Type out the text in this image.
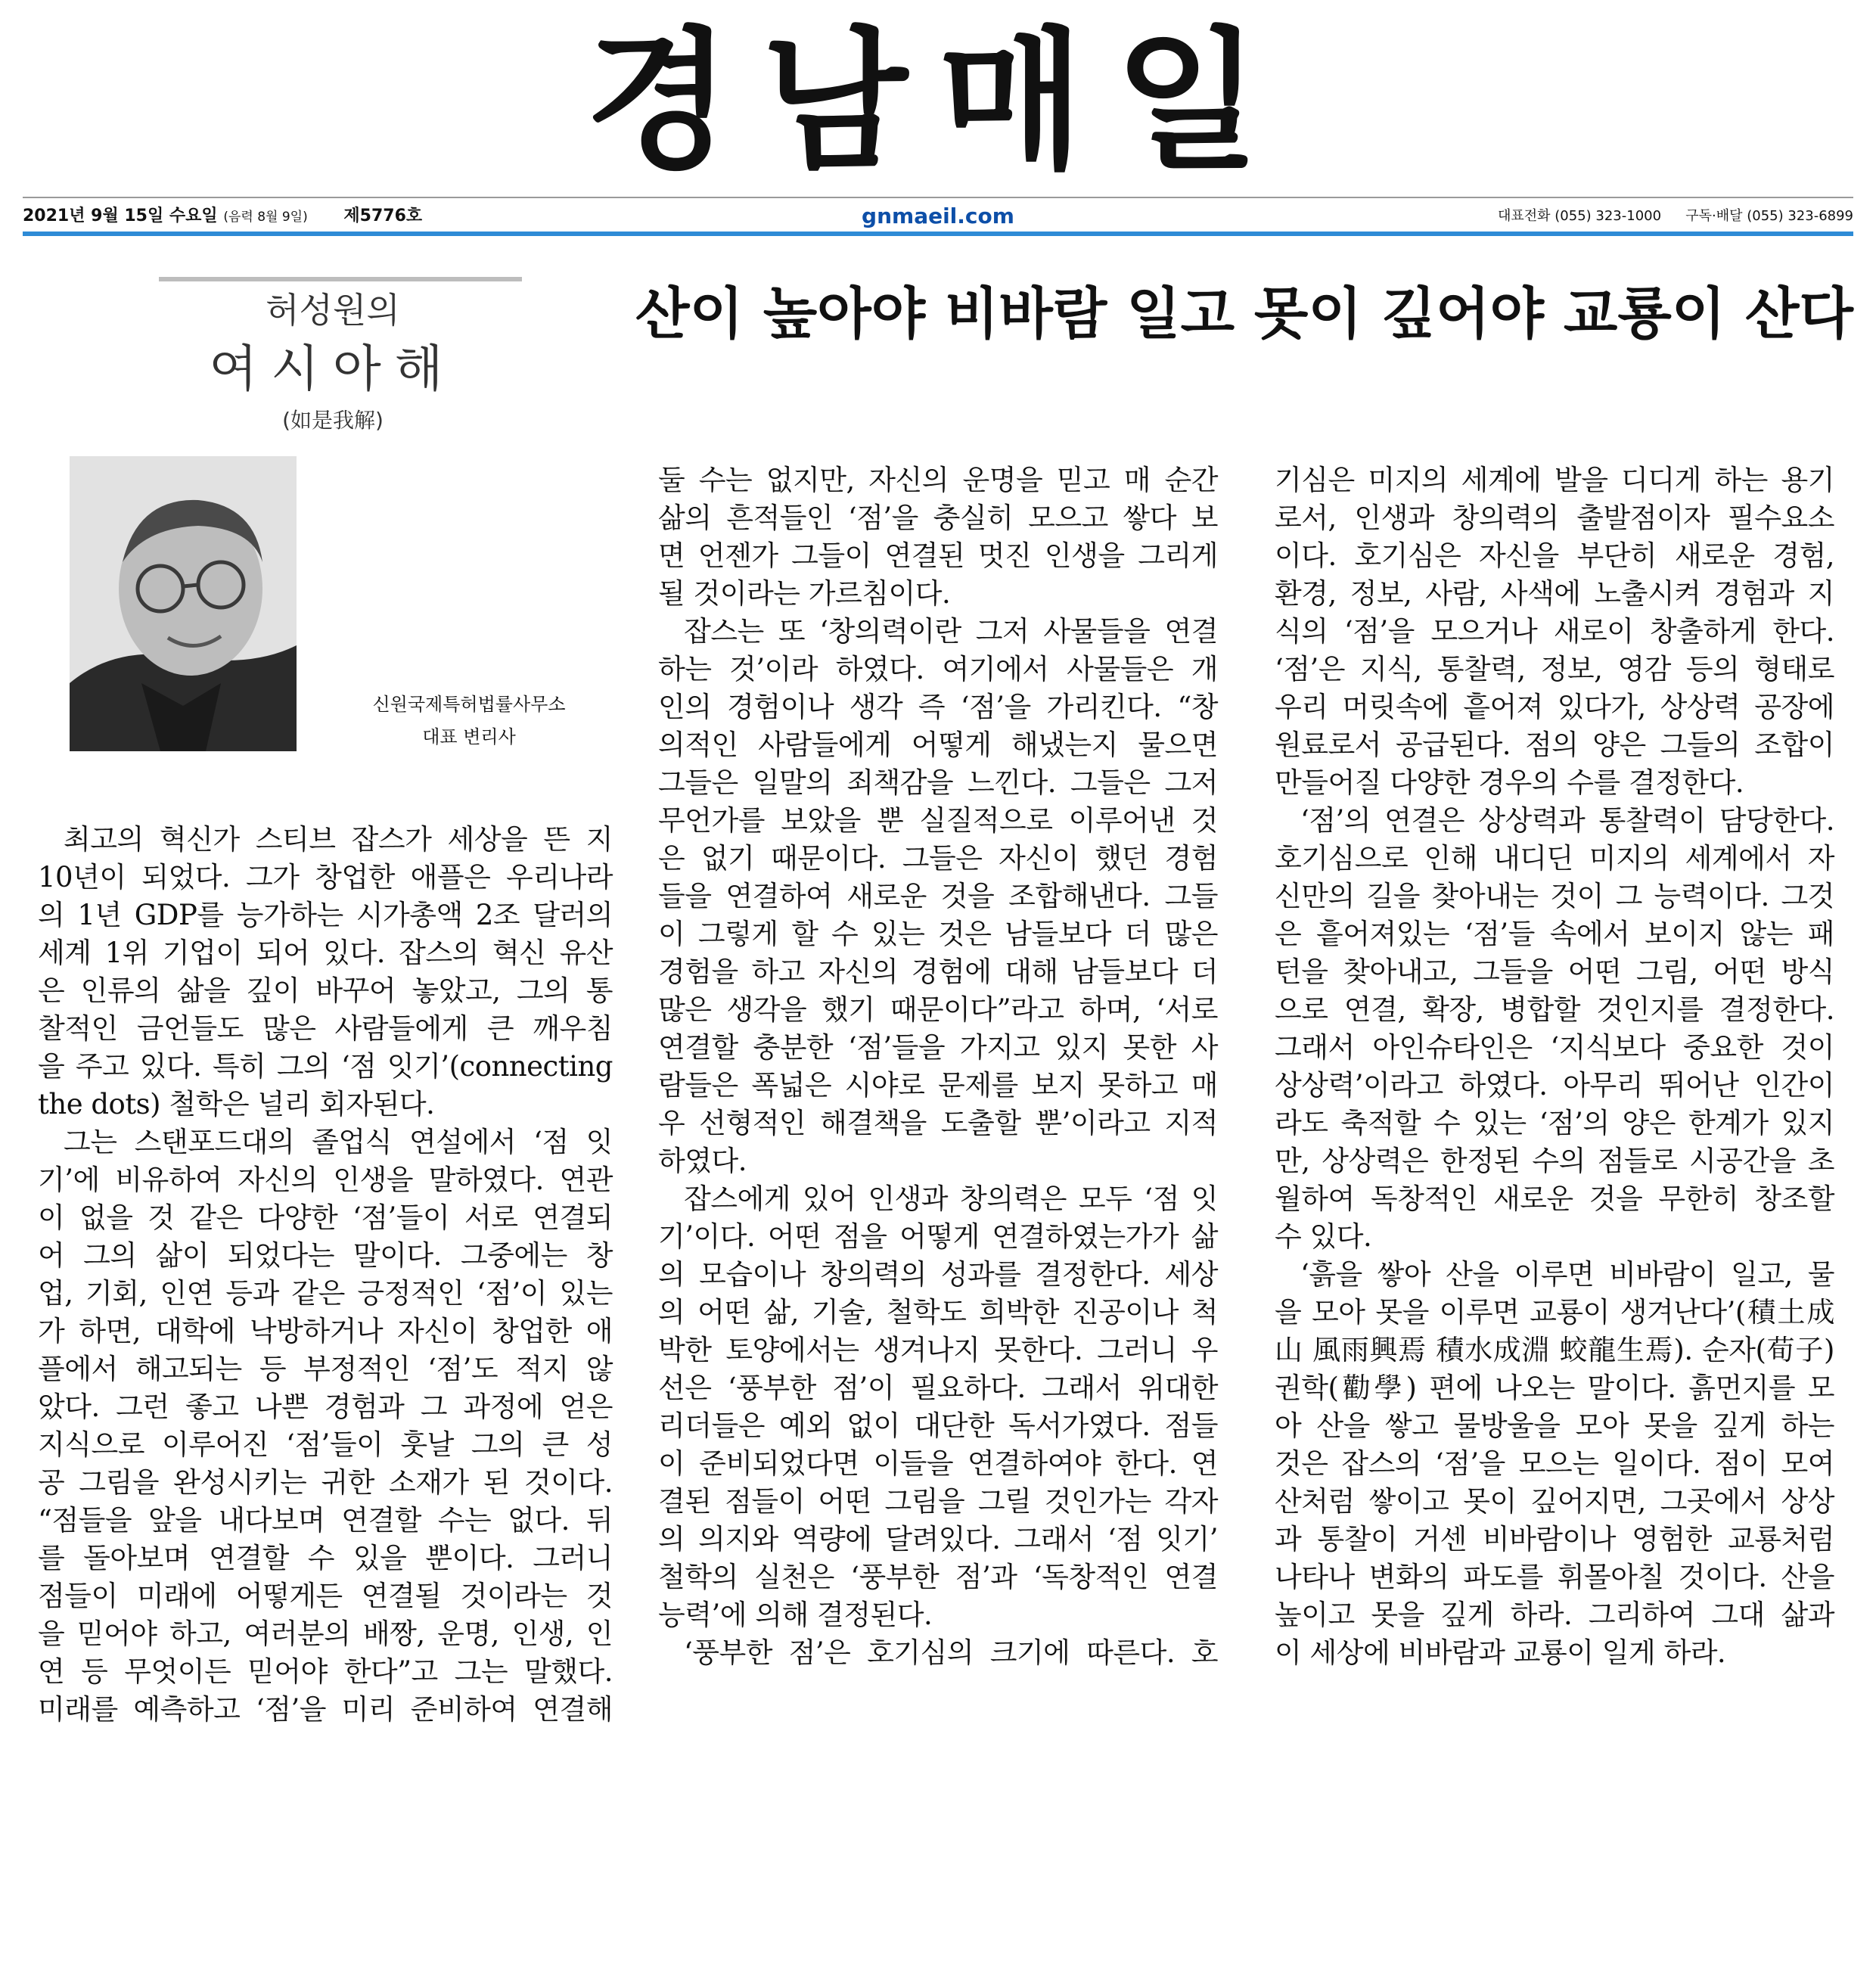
경남매일
2021년 9월 15일 수요일 (음력 8월 9일) 제5776호	gnmaeil.com	대표전화 (055) 323-1000 구독·배달 (055) 323-6899
허성원의
여시아해
(如是我解)
신원국제특허법률사무소
대표 변리사
산이 높아야 비바람 일고 못이 깊어야 교룡이 산다
최고의 혁신가 스티브 잡스가 세상을 뜬 지
10년이 되었다. 그가 창업한 애플은 우리나라
의 1년 GDP를 능가하는 시가총액 2조 달러의
세계 1위 기업이 되어 있다. 잡스의 혁신 유산
은 인류의 삶을 깊이 바꾸어 놓았고, 그의 통
찰적인 금언들도 많은 사람들에게 큰 깨우침
을 주고 있다. 특히 그의 ‘점 잇기’(connecting
the dots) 철학은 널리 회자된다.
그는 스탠포드대의 졸업식 연설에서 ‘점 잇
기’에 비유하여 자신의 인생을 말하였다. 연관
이 없을 것 같은 다양한 ‘점’들이 서로 연결되
어 그의 삶이 되었다는 말이다. 그중에는 창
업, 기회, 인연 등과 같은 긍정적인 ‘점’이 있는
가 하면, 대학에 낙방하거나 자신이 창업한 애
플에서 해고되는 등 부정적인 ‘점’도 적지 않
았다. 그런 좋고 나쁜 경험과 그 과정에 얻은
지식으로 이루어진 ‘점’들이 훗날 그의 큰 성
공 그림을 완성시키는 귀한 소재가 된 것이다.
“점들을 앞을 내다보며 연결할 수는 없다. 뒤
를 돌아보며 연결할 수 있을 뿐이다. 그러니
점들이 미래에 어떻게든 연결될 것이라는 것
을 믿어야 하고, 여러분의 배짱, 운명, 인생, 인
연 등 무엇이든 믿어야 한다”고 그는 말했다.
미래를 예측하고 ‘점’을 미리 준비하여 연결해
둘 수는 없지만, 자신의 운명을 믿고 매 순간
삶의 흔적들인 ‘점’을 충실히 모으고 쌓다 보
면 언젠가 그들이 연결된 멋진 인생을 그리게
될 것이라는 가르침이다.
잡스는 또 ‘창의력이란 그저 사물들을 연결
하는 것’이라 하였다. 여기에서 사물들은 개
인의 경험이나 생각 즉 ‘점’을 가리킨다. “창
의적인 사람들에게 어떻게 해냈는지 물으면
그들은 일말의 죄책감을 느낀다. 그들은 그저
무언가를 보았을 뿐 실질적으로 이루어낸 것
은 없기 때문이다. 그들은 자신이 했던 경험
들을 연결하여 새로운 것을 조합해낸다. 그들
이 그렇게 할 수 있는 것은 남들보다 더 많은
경험을 하고 자신의 경험에 대해 남들보다 더
많은 생각을 했기 때문이다”라고 하며, ‘서로
연결할 충분한 ‘점’들을 가지고 있지 못한 사
람들은 폭넓은 시야로 문제를 보지 못하고 매
우 선형적인 해결책을 도출할 뿐’이라고 지적
하였다.
잡스에게 있어 인생과 창의력은 모두 ‘점 잇
기’이다. 어떤 점을 어떻게 연결하였는가가 삶
의 모습이나 창의력의 성과를 결정한다. 세상
의 어떤 삶, 기술, 철학도 희박한 진공이나 척
박한 토양에서는 생겨나지 못한다. 그러니 우
선은 ‘풍부한 점’이 필요하다. 그래서 위대한
리더들은 예외 없이 대단한 독서가였다. 점들
이 준비되었다면 이들을 연결하여야 한다. 연
결된 점들이 어떤 그림을 그릴 것인가는 각자
의 의지와 역량에 달려있다. 그래서 ‘점 잇기’
철학의 실천은 ‘풍부한 점’과 ‘독창적인 연결
능력’에 의해 결정된다.
‘풍부한 점’은 호기심의 크기에 따른다. 호
기심은 미지의 세계에 발을 디디게 하는 용기
로서, 인생과 창의력의 출발점이자 필수요소
이다. 호기심은 자신을 부단히 새로운 경험,
환경, 정보, 사람, 사색에 노출시켜 경험과 지
식의 ‘점’을 모으거나 새로이 창출하게 한다.
‘점’은 지식, 통찰력, 정보, 영감 등의 형태로
우리 머릿속에 흩어져 있다가, 상상력 공장에
원료로서 공급된다. 점의 양은 그들의 조합이
만들어질 다양한 경우의 수를 결정한다.
‘점’의 연결은 상상력과 통찰력이 담당한다.
호기심으로 인해 내디딘 미지의 세계에서 자
신만의 길을 찾아내는 것이 그 능력이다. 그것
은 흩어져있는 ‘점’들 속에서 보이지 않는 패
턴을 찾아내고, 그들을 어떤 그림, 어떤 방식
으로 연결, 확장, 병합할 것인지를 결정한다.
그래서 아인슈타인은 ‘지식보다 중요한 것이
상상력’이라고 하였다. 아무리 뛰어난 인간이
라도 축적할 수 있는 ‘점’의 양은 한계가 있지
만, 상상력은 한정된 수의 점들로 시공간을 초
월하여 독창적인 새로운 것을 무한히 창조할
수 있다.
‘흙을 쌓아 산을 이루면 비바람이 일고, 물
을 모아 못을 이루면 교룡이 생겨난다’(積土成
山 風雨興焉 積水成淵 蛟龍生焉). 순자(荀子)
권학(勸學) 편에 나오는 말이다. 흙먼지를 모
아 산을 쌓고 물방울을 모아 못을 깊게 하는
것은 잡스의 ‘점’을 모으는 일이다. 점이 모여
산처럼 쌓이고 못이 깊어지면, 그곳에서 상상
과 통찰이 거센 비바람이나 영험한 교룡처럼
나타나 변화의 파도를 휘몰아칠 것이다. 산을
높이고 못을 깊게 하라. 그리하여 그대 삶과
이 세상에 비바람과 교룡이 일게 하라.
